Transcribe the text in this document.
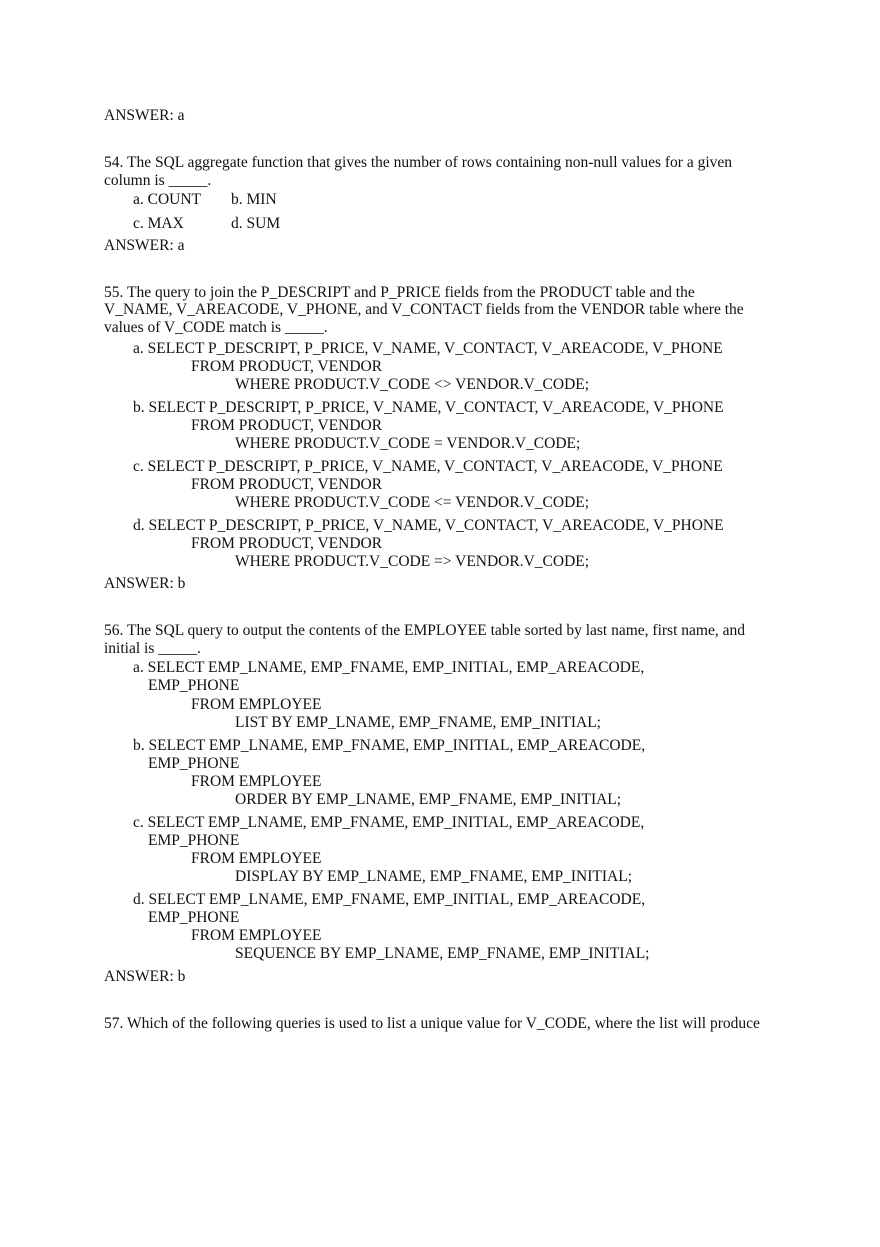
ANSWER: a
54. The SQL aggregate function that gives the number of rows containing non-null values for a given
column is _____.
a. COUNT b. MIN
c. MAX	d. SUM
ANSWER: a
55. The query to join the P_DESCRIPT and P_PRICE fields from the PRODUCT table and the
V_NAME, V_AREACODE, V_PHONE, and V_CONTACT fields from the VENDOR table where the
values of V_CODE match is _____.
a. SELECT P_DESCRIPT, P_PRICE, V_NAME, V_CONTACT, V_AREACODE, V_PHONE
FROM PRODUCT, VENDOR
WHERE PRODUCT.V_CODE <> VENDOR.V_CODE;
b. SELECT P_DESCRIPT, P_PRICE, V_NAME, V_CONTACT, V_AREACODE, V_PHONE
FROM PRODUCT, VENDOR
WHERE PRODUCT.V_CODE = VENDOR.V_CODE;
c. SELECT P_DESCRIPT, P_PRICE, V_NAME, V_CONTACT, V_AREACODE, V_PHONE
FROM PRODUCT, VENDOR
WHERE PRODUCT.V_CODE <= VENDOR.V_CODE;
d. SELECT P_DESCRIPT, P_PRICE, V_NAME, V_CONTACT, V_AREACODE, V_PHONE
FROM PRODUCT, VENDOR
WHERE PRODUCT.V_CODE => VENDOR.V_CODE;
ANSWER: b
56. The SQL query to output the contents of the EMPLOYEE table sorted by last name, first name, and
initial is _____.
a. SELECT EMP_LNAME, EMP_FNAME, EMP_INITIAL, EMP_AREACODE,
EMP_PHONE
FROM EMPLOYEE
LIST BY EMP_LNAME, EMP_FNAME, EMP_INITIAL;
b. SELECT EMP_LNAME, EMP_FNAME, EMP_INITIAL, EMP_AREACODE,
EMP_PHONE
FROM EMPLOYEE
ORDER BY EMP_LNAME, EMP_FNAME, EMP_INITIAL;
c. SELECT EMP_LNAME, EMP_FNAME, EMP_INITIAL, EMP_AREACODE,
EMP_PHONE
FROM EMPLOYEE
DISPLAY BY EMP_LNAME, EMP_FNAME, EMP_INITIAL;
d. SELECT EMP_LNAME, EMP_FNAME, EMP_INITIAL, EMP_AREACODE,
EMP_PHONE
FROM EMPLOYEE
SEQUENCE BY EMP_LNAME, EMP_FNAME, EMP_INITIAL;
ANSWER: b
57. Which of the following queries is used to list a unique value for V_CODE, where the list will produce
